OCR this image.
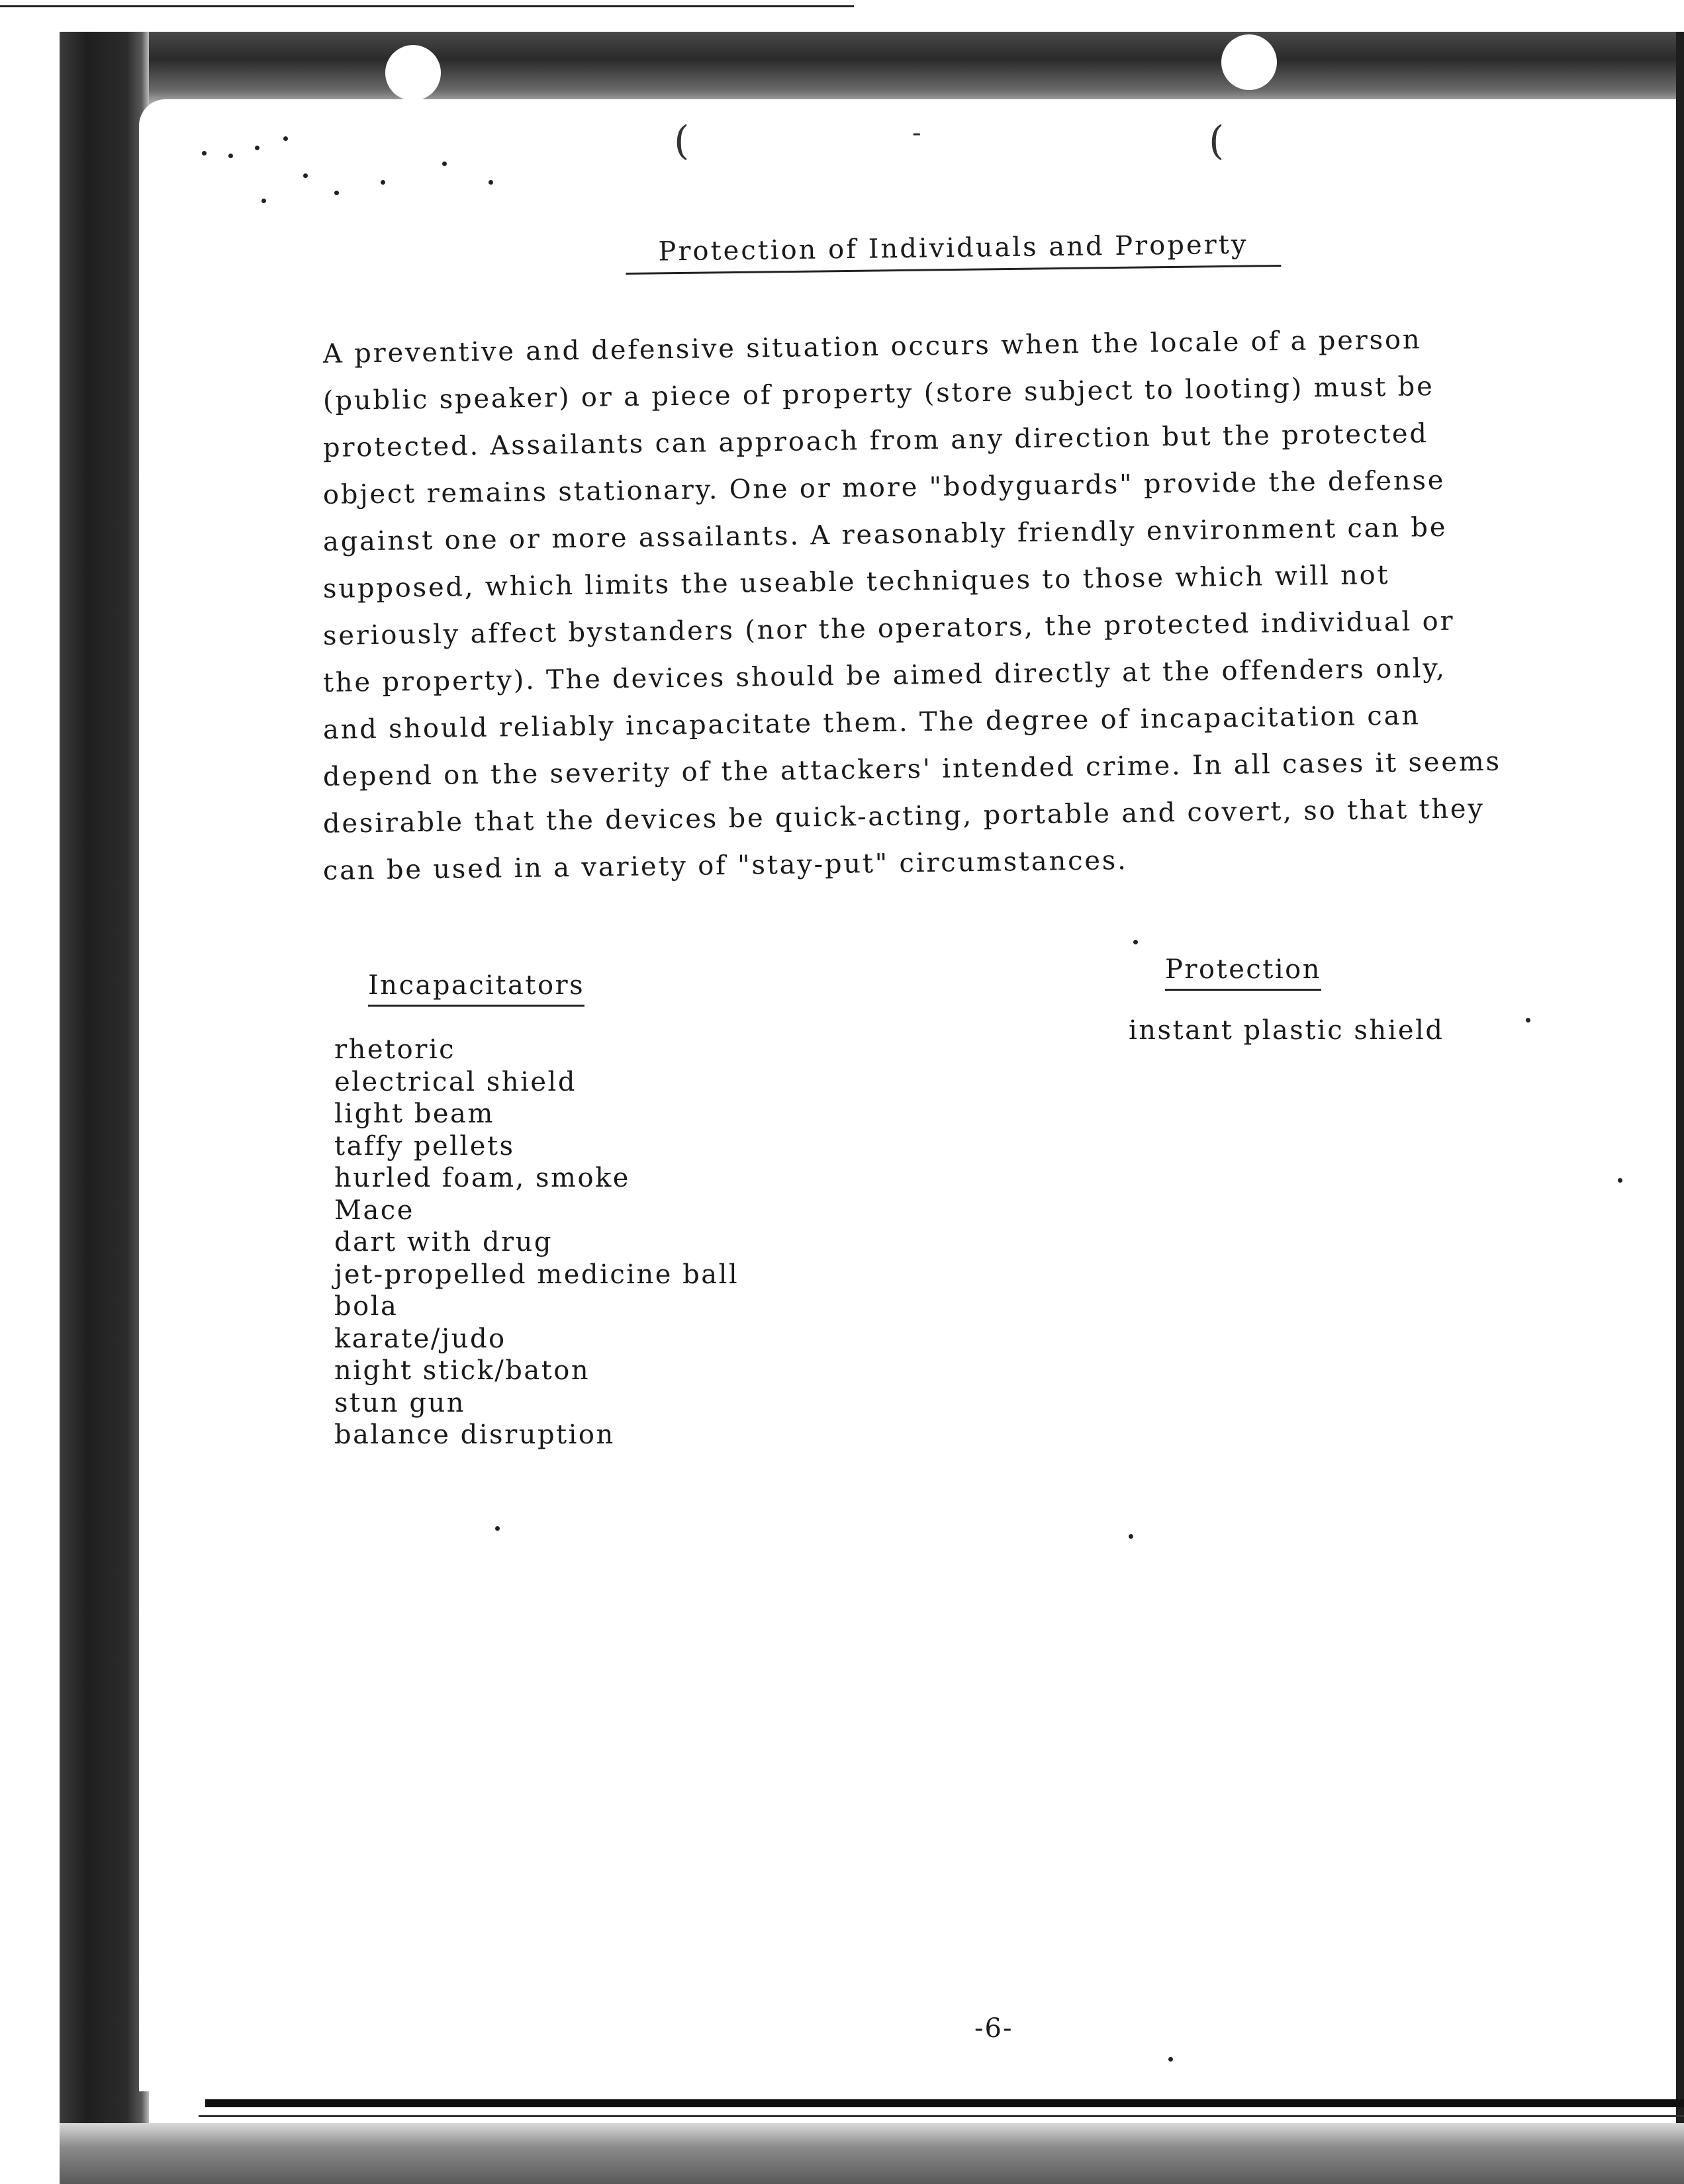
(	-	(
Protection of Individuals and Property
A preventive and defensive situation occurs when the locale of a person
(public speaker) or a piece of property (store subject to looting) must be
protected. Assailants can approach from any direction but the protected
object remains stationary. One or more "bodyguards" provide the defense
against one or more assailants. A reasonably friendly environment can be
supposed, which limits the useable techniques to those which will not
seriously affect bystanders (nor the operators, the protected individual or
the property). The devices should be aimed directly at the offenders only,
and should reliably incapacitate them. The degree of incapacitation can
depend on the severity of the attackers' intended crime. In all cases it seems
desirable that the devices be quick-acting, portable and covert, so that they
can be used in a variety of "stay-put" circumstances.
Incapacitators
Protection
rhetoric
electrical shield
light beam
taffy pellets
hurled foam, smoke
Mace
dart with drug
jet-propelled medicine ball
bola
karate/judo
night stick/baton
stun gun
balance disruption
instant plastic shield
-6-
